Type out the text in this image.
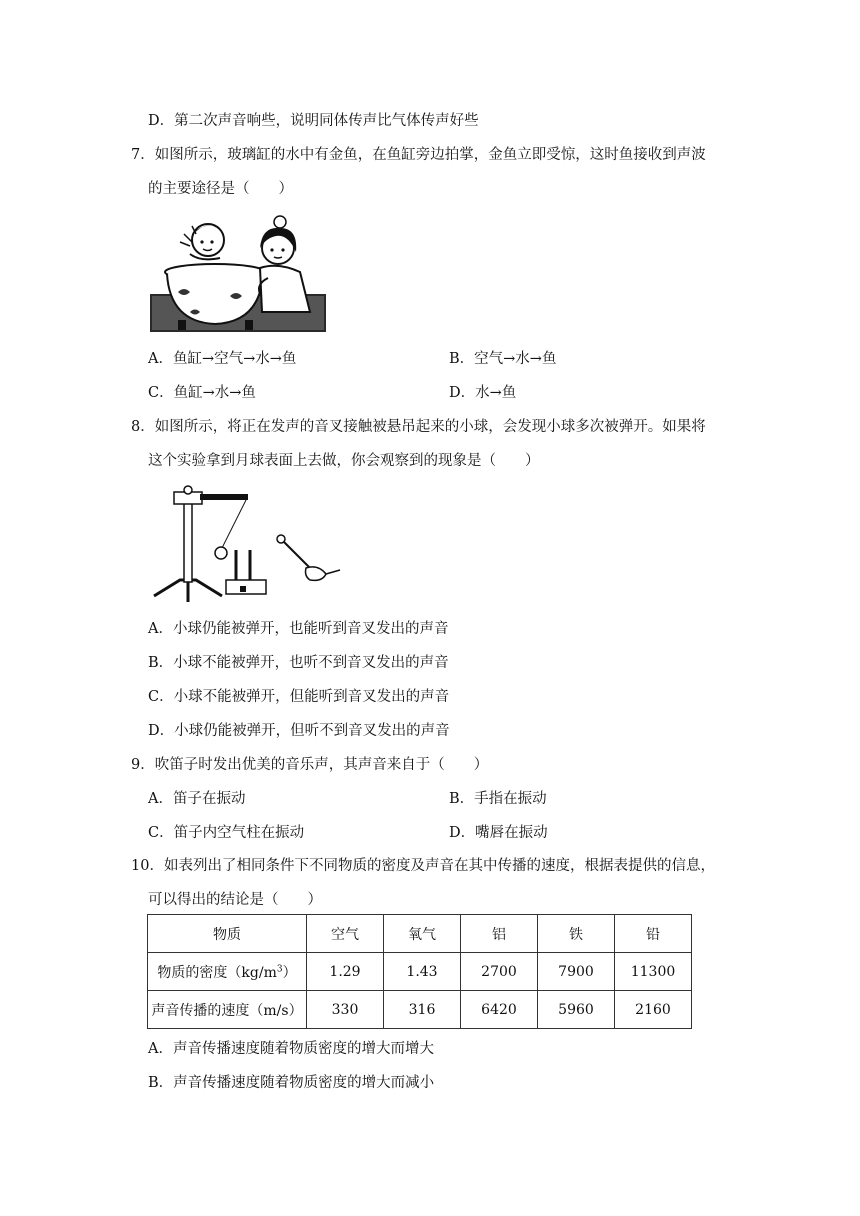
D．第二次声音响些，说明同体传声比气体传声好些
7．如图所示，玻璃缸的水中有金鱼，在鱼缸旁边拍掌，金鱼立即受惊，这时鱼接收到声波
的主要途径是（　　）
A．鱼缸→空气→水→鱼	B．空气→水→鱼
C．鱼缸→水→鱼	D．水→鱼
8．如图所示，将正在发声的音叉接触被悬吊起来的小球，会发现小球多次被弹开。如果将
这个实验拿到月球表面上去做，你会观察到的现象是（　　）
A．小球仍能被弹开，也能听到音叉发出的声音
B．小球不能被弹开，也听不到音叉发出的声音
C．小球不能被弹开，但能听到音叉发出的声音
D．小球仍能被弹开，但听不到音叉发出的声音
9．吹笛子时发出优美的音乐声，其声音来自于（　　）
A．笛子在振动	B．手指在振动
C．笛子内空气柱在振动	D．嘴唇在振动
10．如表列出了相同条件下不同物质的密度及声音在其中传播的速度，根据表提供的信息，
可以得出的结论是（　　）
物质	空气	氧气	铝	铁	铅
物质的密度$(kg/m^3)$	1.29	1.43	2700	7900	11300
声音传播的速度（m/s）	330	316	6420	5960	2160
A．声音传播速度随着物质密度的增大而增大
B．声音传播速度随着物质密度的增大而减小
